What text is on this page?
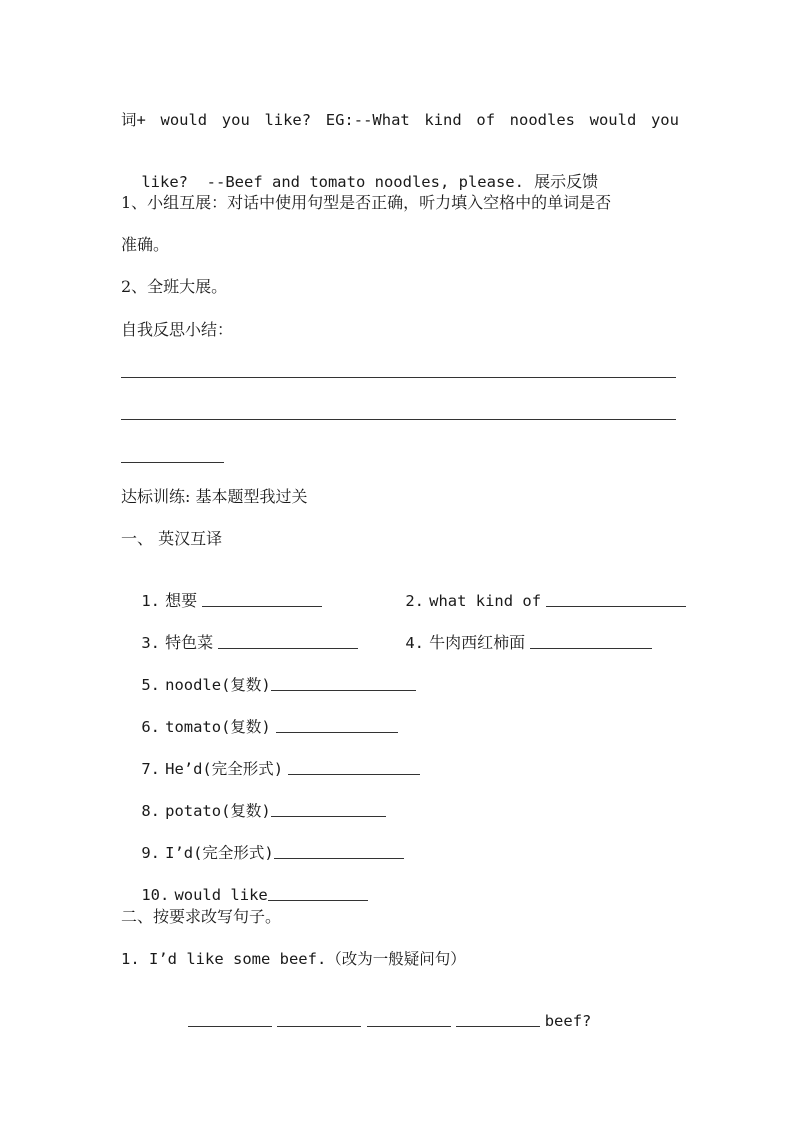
词+ would you like? EG:--What kind of noodles would you

like?  --Beef and tomato noodles, please. 展示反馈

1、小组互展：对话中使用句型是否正确，听力填入空格中的单词是否
准确。
2、全班大展。
自我反思小结：
达标训练: 基本题型我过关
一、 英汉互译

1. 想要
	2. what kind of

3. 特色菜
	4. 牛肉西红柿面

5. noodle(复数)

6. tomato(复数)

7. He’d(完全形式)

8. potato(复数)

9. I’d(完全形式)

10. would like

二、按要求改写句子。
1. I’d like some beef.（改为一般疑问句）

beef?
